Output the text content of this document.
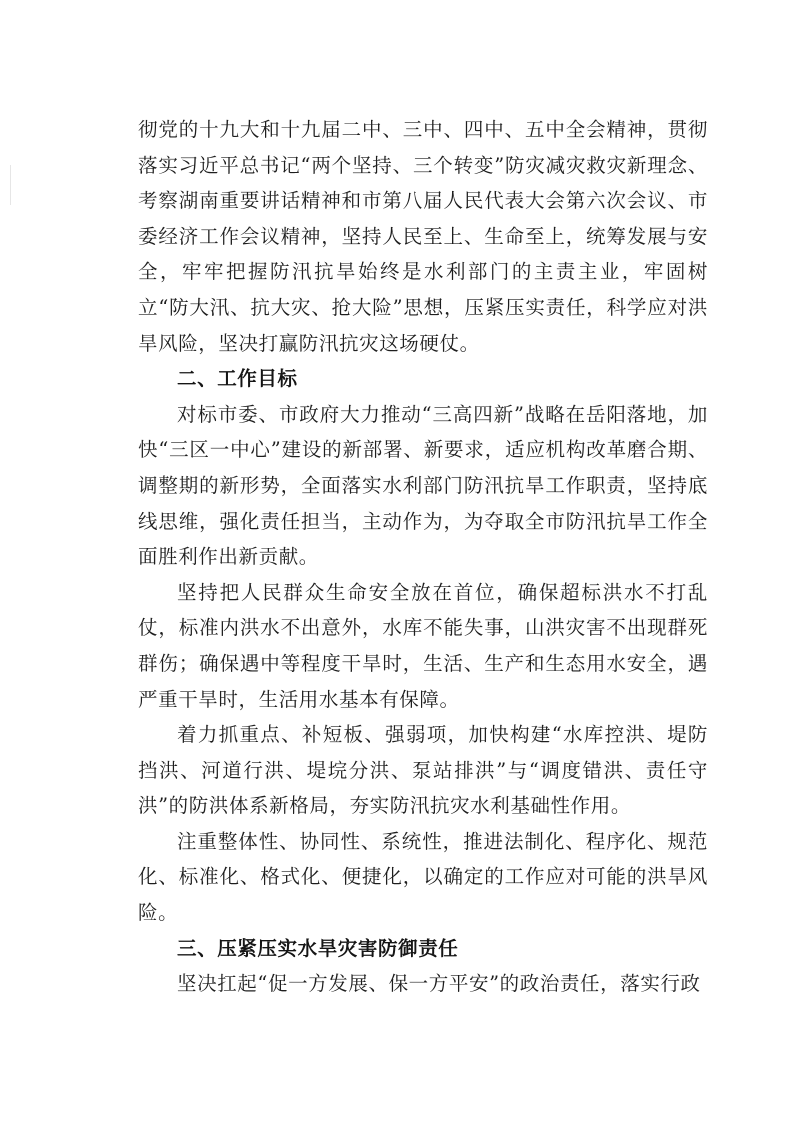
彻党的十九大和十九届二中、三中、四中、五中全会精神，贯彻落实习近平总书记“两个坚持、三个转变”防灾减灾救灾新理念、考察湖南重要讲话精神和市第八届人民代表大会第六次会议、市委经济工作会议精神，坚持人民至上、生命至上，统筹发展与安全，牢牢把握防汛抗旱始终是水利部门的主责主业，牢固树立“防大汛、抗大灾、抢大险”思想，压紧压实责任，科学应对洪旱风险，坚决打赢防汛抗灾这场硬仗。

二、工作目标

对标市委、市政府大力推动“三高四新”战略在岳阳落地，加快“三区一中心”建设的新部署、新要求，适应机构改革磨合期、调整期的新形势，全面落实水利部门防汛抗旱工作职责，坚持底线思维，强化责任担当，主动作为，为夺取全市防汛抗旱工作全面胜利作出新贡献。

坚持把人民群众生命安全放在首位，确保超标洪水不打乱仗，标准内洪水不出意外，水库不能失事，山洪灾害不出现群死群伤；确保遇中等程度干旱时，生活、生产和生态用水安全，遇严重干旱时，生活用水基本有保障。

着力抓重点、补短板、强弱项，加快构建“水库控洪、堤防挡洪、河道行洪、堤垸分洪、泵站排洪”与“调度错洪、责任守洪”的防洪体系新格局，夯实防汛抗灾水利基础性作用。

注重整体性、协同性、系统性，推进法制化、程序化、规范化、标准化、格式化、便捷化，以确定的工作应对可能的洪旱风险。

三、压紧压实水旱灾害防御责任

坚决扛起“促一方发展、保一方平安”的政治责任，落实行政
